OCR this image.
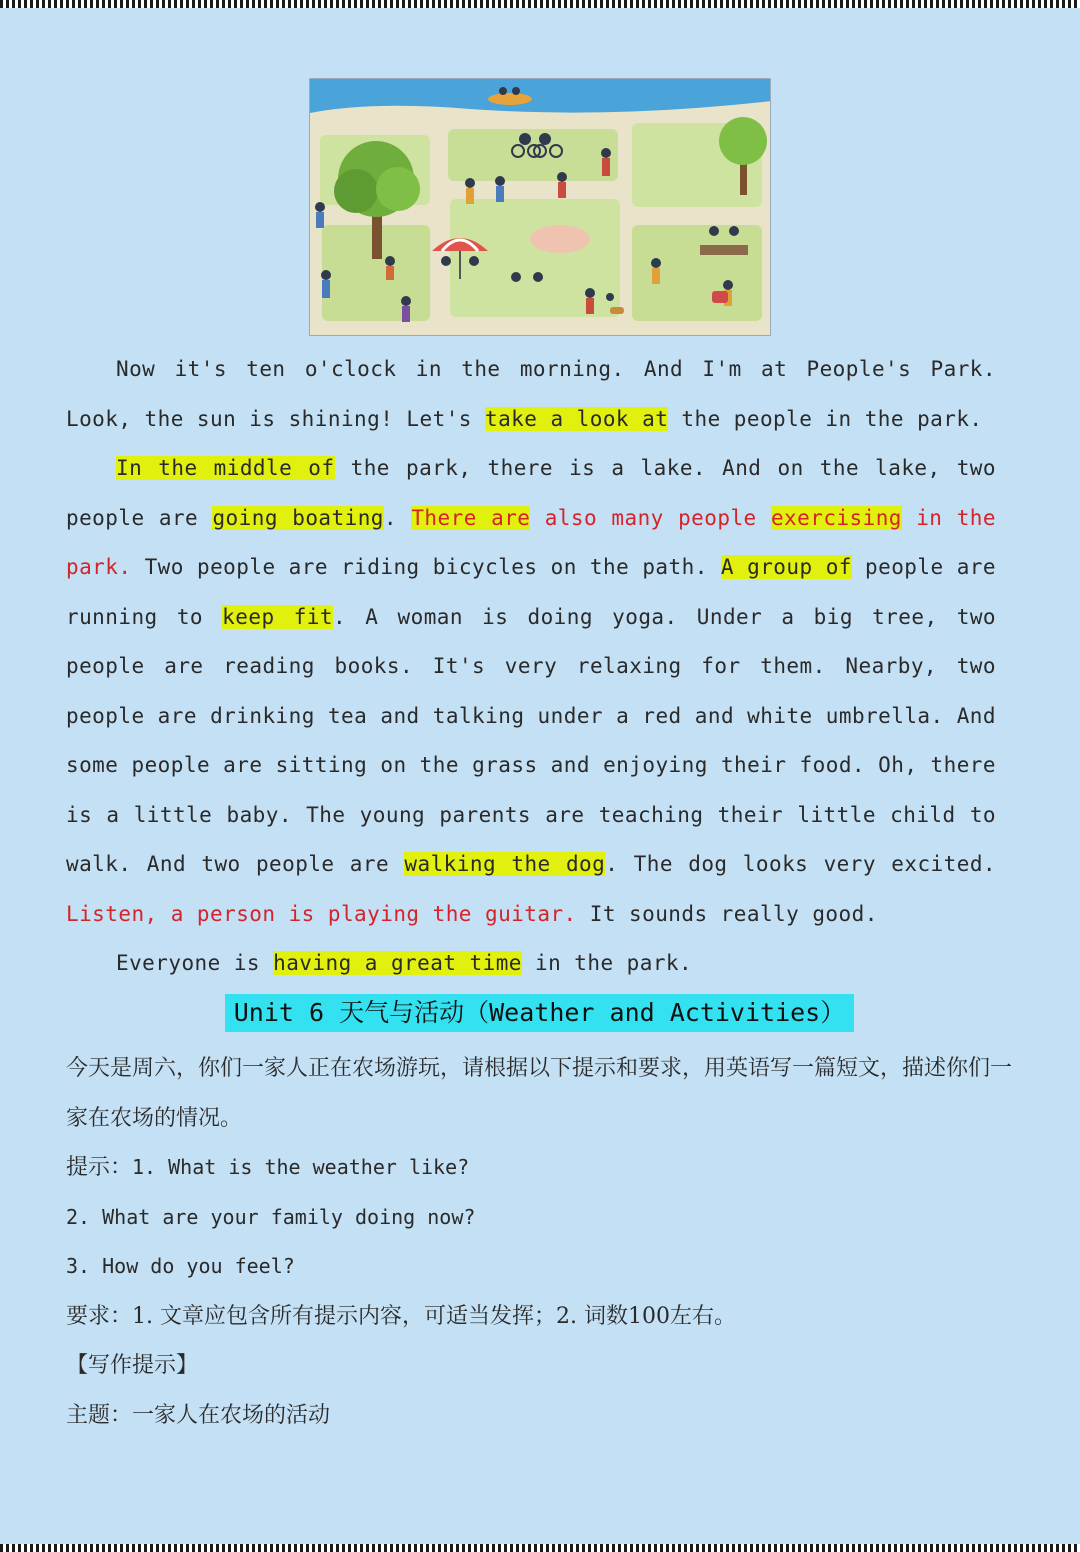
Now it's ten o'clock in the morning. And I'm at People's Park. Look, the sun is shining! Let's take a look at the people in the park.

In the middle of the park, there is a lake. And on the lake, two people are going boating. There are also many people exercising in the park. Two people are riding bicycles on the path. A group of people are running to keep fit. A woman is doing yoga. Under a big tree, two people are reading books. It's very relaxing for them. Nearby, two people are drinking tea and talking under a red and white umbrella. And some people are sitting on the grass and enjoying their food. Oh, there is a little baby. The young parents are teaching their little child to walk. And two people are walking the dog. The dog looks very excited. Listen, a person is playing the guitar. It sounds really good.

Everyone is having a great time in the park.

Unit 6 天气与活动（Weather and Activities）

今天是周六，你们一家人正在农场游玩，请根据以下提示和要求，用英语写一篇短文，描述你们一家在农场的情况。

提示：1. What is the weather like?

2. What are your family doing now?

3. How do you feel?

要求：1. 文章应包含所有提示内容，可适当发挥；2. 词数100左右。

【写作提示】

主题：一家人在农场的活动
